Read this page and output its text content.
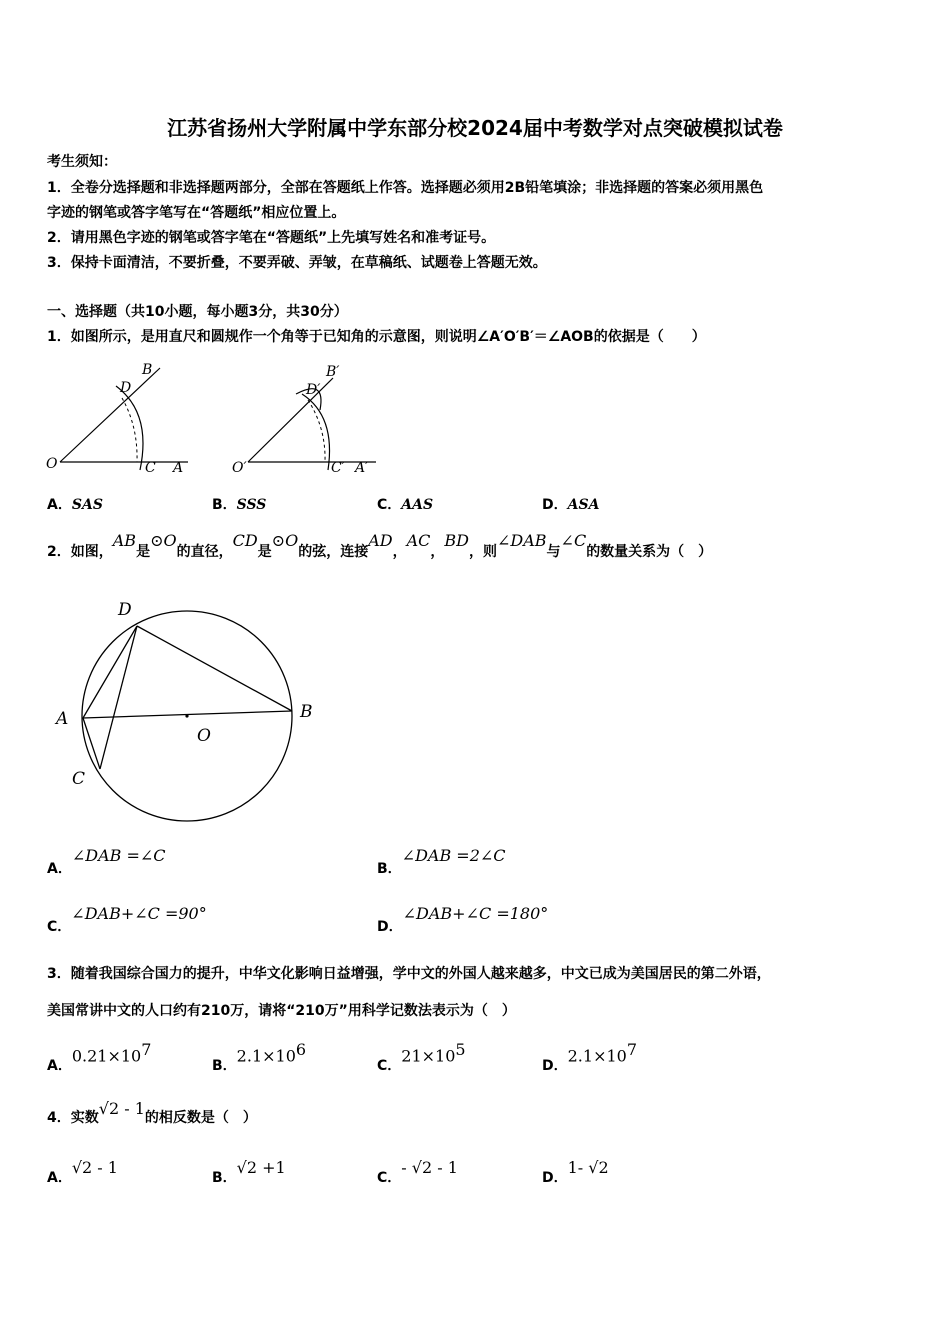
江苏省扬州大学附属中学东部分校2024届中考数学对点突破模拟试卷
考生须知：
1．全卷分选择题和非选择题两部分，全部在答题纸上作答。选择题必须用2B铅笔填涂；非选择题的答案必须用黑色
字迹的钢笔或答字笔写在“答题纸”相应位置上。
2．请用黑色字迹的钢笔或答字笔在“答题纸”上先填写姓名和准考证号。
3．保持卡面清洁，不要折叠，不要弄破、弄皱，在草稿纸、试题卷上答题无效。
一、选择题（共10小题，每小题3分，共30分）
1．如图所示，是用直尺和圆规作一个角等于已知角的示意图，则说明∠A′O′B′＝∠AOB的依据是（　　）
O	C A
D
B
O′	C′ A′
D′
B′
A．SAS	B．SSS	C．AAS	D．ASA
2．如图，AB是⊙O的直径，CD是⊙O的弦，连接AD，AC，BD，则∠DAB与∠C的数量关系为（　）
D
A	B
O
C
A．∠DAB =∠C
B．∠DAB =2∠C
C．∠DAB+∠C =90°
D．∠DAB+∠C =180°
3．随着我国综合国力的提升，中华文化影响日益增强，学中文的外国人越来越多，中文已成为美国居民的第二外语，
美国常讲中文的人口约有210万，请将“210万”用科学记数法表示为（　）
A．$0.21\times 10^7$
B．$2.1\times 10^6$
C．$21\times 10^5$
D．$2.1\times 10^7$
4．实数√2 - 1的相反数是（　）
A．√2 - 1
B．√2 +1
C．- √2 - 1
D．1- √2
